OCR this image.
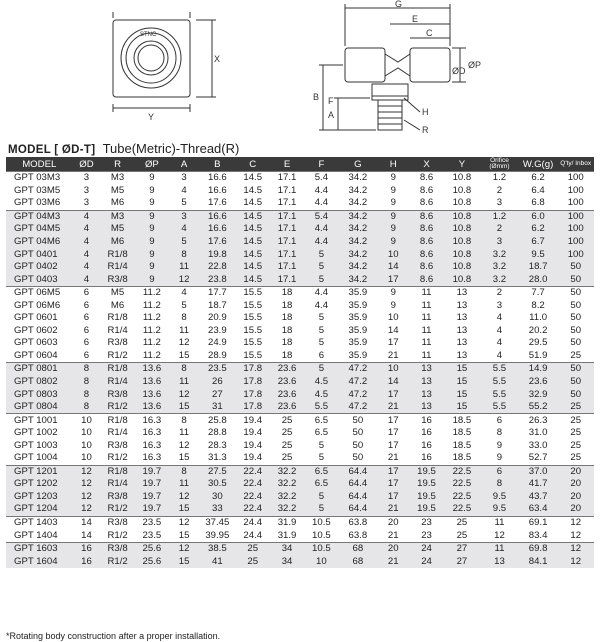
X
Y
G
E
C
ØP
ØD
B F
A	H
R
STNC
MODEL [ ØD-T] Tube(Metric)-Thread(R)
MODEL	ØD	R	ØP	A	B	C	E	F	G	H	X	Y	Orifice (Ømm)	W.G(g)	Q'ty/ Inbox
GPT 03M3	3	M3	9	3	16.6	14.5	17.1	5.4	34.2	9	8.6	10.8	1.2	6.2	100
GPT 03M5	3	M5	9	4	16.6	14.5	17.1	4.4	34.2	9	8.6	10.8	2	6.4	100
GPT 03M6	3	M6	9	5	17.6	14.5	17.1	4.4	34.2	9	8.6	10.8	3	6.8	100
GPT 04M3	4	M3	9	3	16.6	14.5	17.1	5.4	34.2	9	8.6	10.8	1.2	6.0	100
GPT 04M5	4	M5	9	4	16.6	14.5	17.1	4.4	34.2	9	8.6	10.8	2	6.2	100
GPT 04M6	4	M6	9	5	17.6	14.5	17.1	4.4	34.2	9	8.6	10.8	3	6.7	100
GPT 0401	4	R1/8	9	8	19.8	14.5	17.1	5	34.2	10	8.6	10.8	3.2	9.5	100
GPT 0402	4	R1/4	9	11	22.8	14.5	17.1	5	34.2	14	8.6	10.8	3.2	18.7	50
GPT 0403	4	R3/8	9	12	23.8	14.5	17.1	5	34.2	17	8.6	10.8	3.2	28.0	50
GPT 06M5	6	M5	11.2	4	17.7	15.5	18	4.4	35.9	9	11	13	2	7.7	50
GPT 06M6	6	M6	11.2	5	18.7	15.5	18	4.4	35.9	9	11	13	3	8.2	50
GPT 0601	6	R1/8	11.2	8	20.9	15.5	18	5	35.9	10	11	13	4	11.0	50
GPT 0602	6	R1/4	11.2	11	23.9	15.5	18	5	35.9	14	11	13	4	20.2	50
GPT 0603	6	R3/8	11.2	12	24.9	15.5	18	5	35.9	17	11	13	4	29.5	50
GPT 0604	6	R1/2	11.2	15	28.9	15.5	18	6	35.9	21	11	13	4	51.9	25
GPT 0801	8	R1/8	13.6	8	23.5	17.8	23.6	5	47.2	10	13	15	5.5	14.9	50
GPT 0802	8	R1/4	13.6	11	26	17.8	23.6	4.5	47.2	14	13	15	5.5	23.6	50
GPT 0803	8	R3/8	13.6	12	27	17.8	23.6	4.5	47.2	17	13	15	5.5	32.9	50
GPT 0804	8	R1/2	13.6	15	31	17.8	23.6	5.5	47.2	21	13	15	5.5	55.2	25
GPT 1001	10	R1/8	16.3	8	25.8	19.4	25	6.5	50	17	16	18.5	6	26.3	25
GPT 1002	10	R1/4	16.3	11	28.8	19.4	25	6.5	50	17	16	18.5	8	31.0	25
GPT 1003	10	R3/8	16.3	12	28.3	19.4	25	5	50	17	16	18.5	9	33.0	25
GPT 1004	10	R1/2	16.3	15	31.3	19.4	25	5	50	21	16	18.5	9	52.7	25
GPT 1201	12	R1/8	19.7	8	27.5	22.4	32.2	6.5	64.4	17	19.5	22.5	6	37.0	20
GPT 1202	12	R1/4	19.7	11	30.5	22.4	32.2	6.5	64.4	17	19.5	22.5	8	41.7	20
GPT 1203	12	R3/8	19.7	12	30	22.4	32.2	5	64.4	17	19.5	22.5	9.5	43.7	20
GPT 1204	12	R1/2	19.7	15	33	22.4	32.2	5	64.4	21	19.5	22.5	9.5	63.4	20
GPT 1403	14	R3/8	23.5	12	37.45	24.4	31.9	10.5	63.8	20	23	25	11	69.1	12
GPT 1404	14	R1/2	23.5	15	39.95	24.4	31.9	10.5	63.8	21	23	25	12	83.4	12
GPT 1603	16	R3/8	25.6	12	38.5	25	34	10.5	68	20	24	27	11	69.8	12
GPT 1604	16	R1/2	25.6	15	41	25	34	10	68	21	24	27	13	84.1	12
*Rotating body construction after a proper installation.
